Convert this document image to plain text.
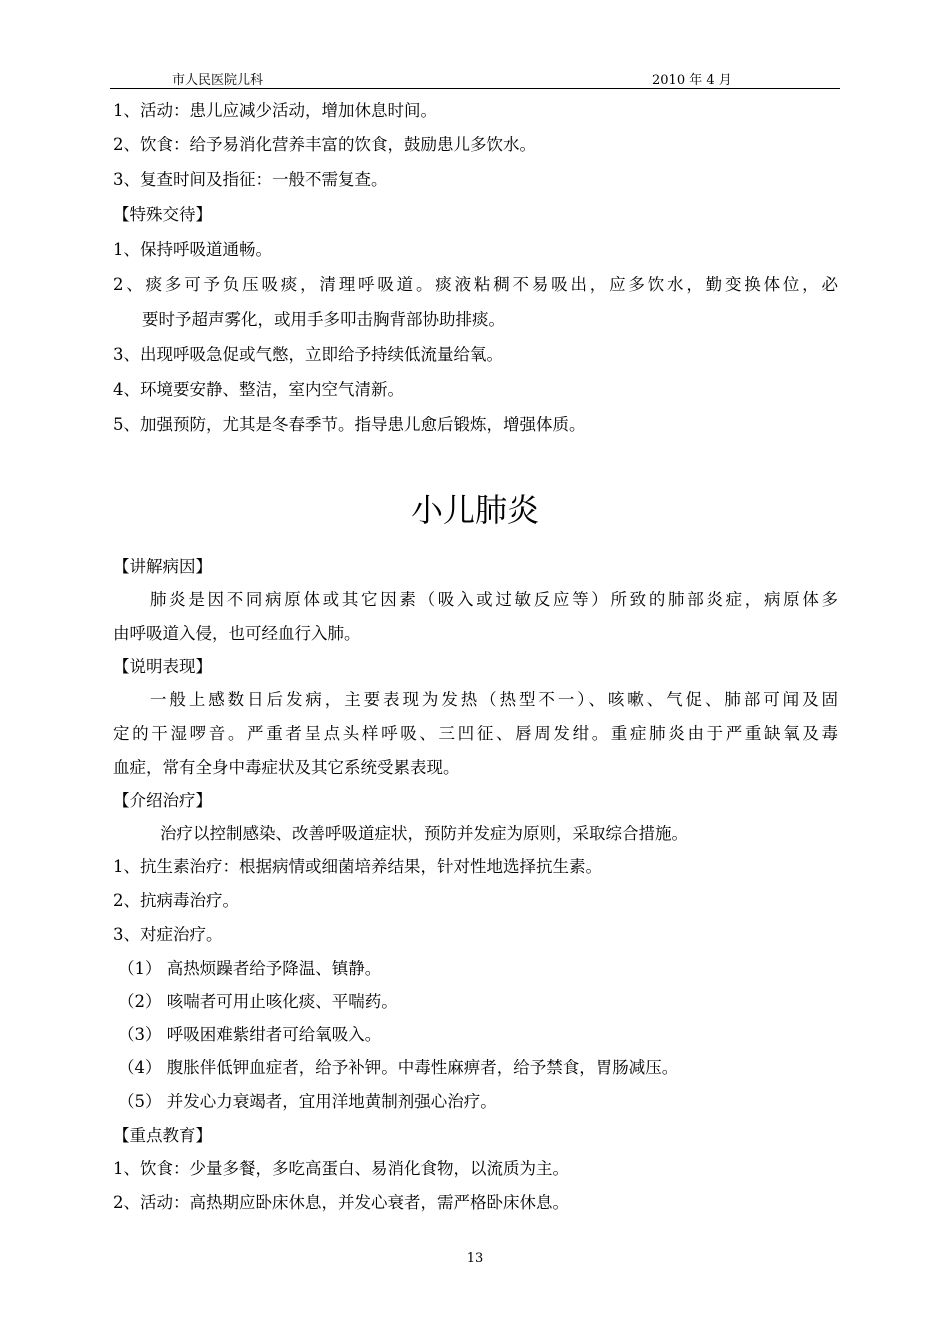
市人民医院儿科	2010 年 4 月
1、活动：患儿应减少活动，增加休息时间。
2、饮食：给予易消化营养丰富的饮食，鼓励患儿多饮水。
3、复查时间及指征：一般不需复查。
【特殊交待】
1、保持呼吸道通畅。
2、痰多可予负压吸痰，清理呼吸道。痰液粘稠不易吸出，应多饮水，勤变换体位，必
要时予超声雾化，或用手多叩击胸背部协助排痰。
3、出现呼吸急促或气憋，立即给予持续低流量给氧。
4、环境要安静、整洁，室内空气清新。
5、加强预防，尤其是冬春季节。指导患儿愈后锻炼，增强体质。
小儿肺炎
【讲解病因】
肺炎是因不同病原体或其它因素（吸入或过敏反应等）所致的肺部炎症，病原体多
由呼吸道入侵，也可经血行入肺。
【说明表现】
一般上感数日后发病，主要表现为发热（热型不一）、咳嗽、气促、肺部可闻及固
定的干湿啰音。严重者呈点头样呼吸、三凹征、唇周发绀。重症肺炎由于严重缺氧及毒
血症，常有全身中毒症状及其它系统受累表现。
【介绍治疗】
治疗以控制感染、改善呼吸道症状，预防并发症为原则，采取综合措施。
1、抗生素治疗：根据病情或细菌培养结果，针对性地选择抗生素。
2、抗病毒治疗。
3、对症治疗。
（1） 高热烦躁者给予降温、镇静。
（2） 咳喘者可用止咳化痰、平喘药。
（3） 呼吸困难紫绀者可给氧吸入。
（4） 腹胀伴低钾血症者，给予补钾。中毒性麻痹者，给予禁食，胃肠减压。
（5） 并发心力衰竭者，宜用洋地黄制剂强心治疗。
【重点教育】
1、饮食：少量多餐，多吃高蛋白、易消化食物，以流质为主。
2、活动：高热期应卧床休息，并发心衰者，需严格卧床休息。
13
